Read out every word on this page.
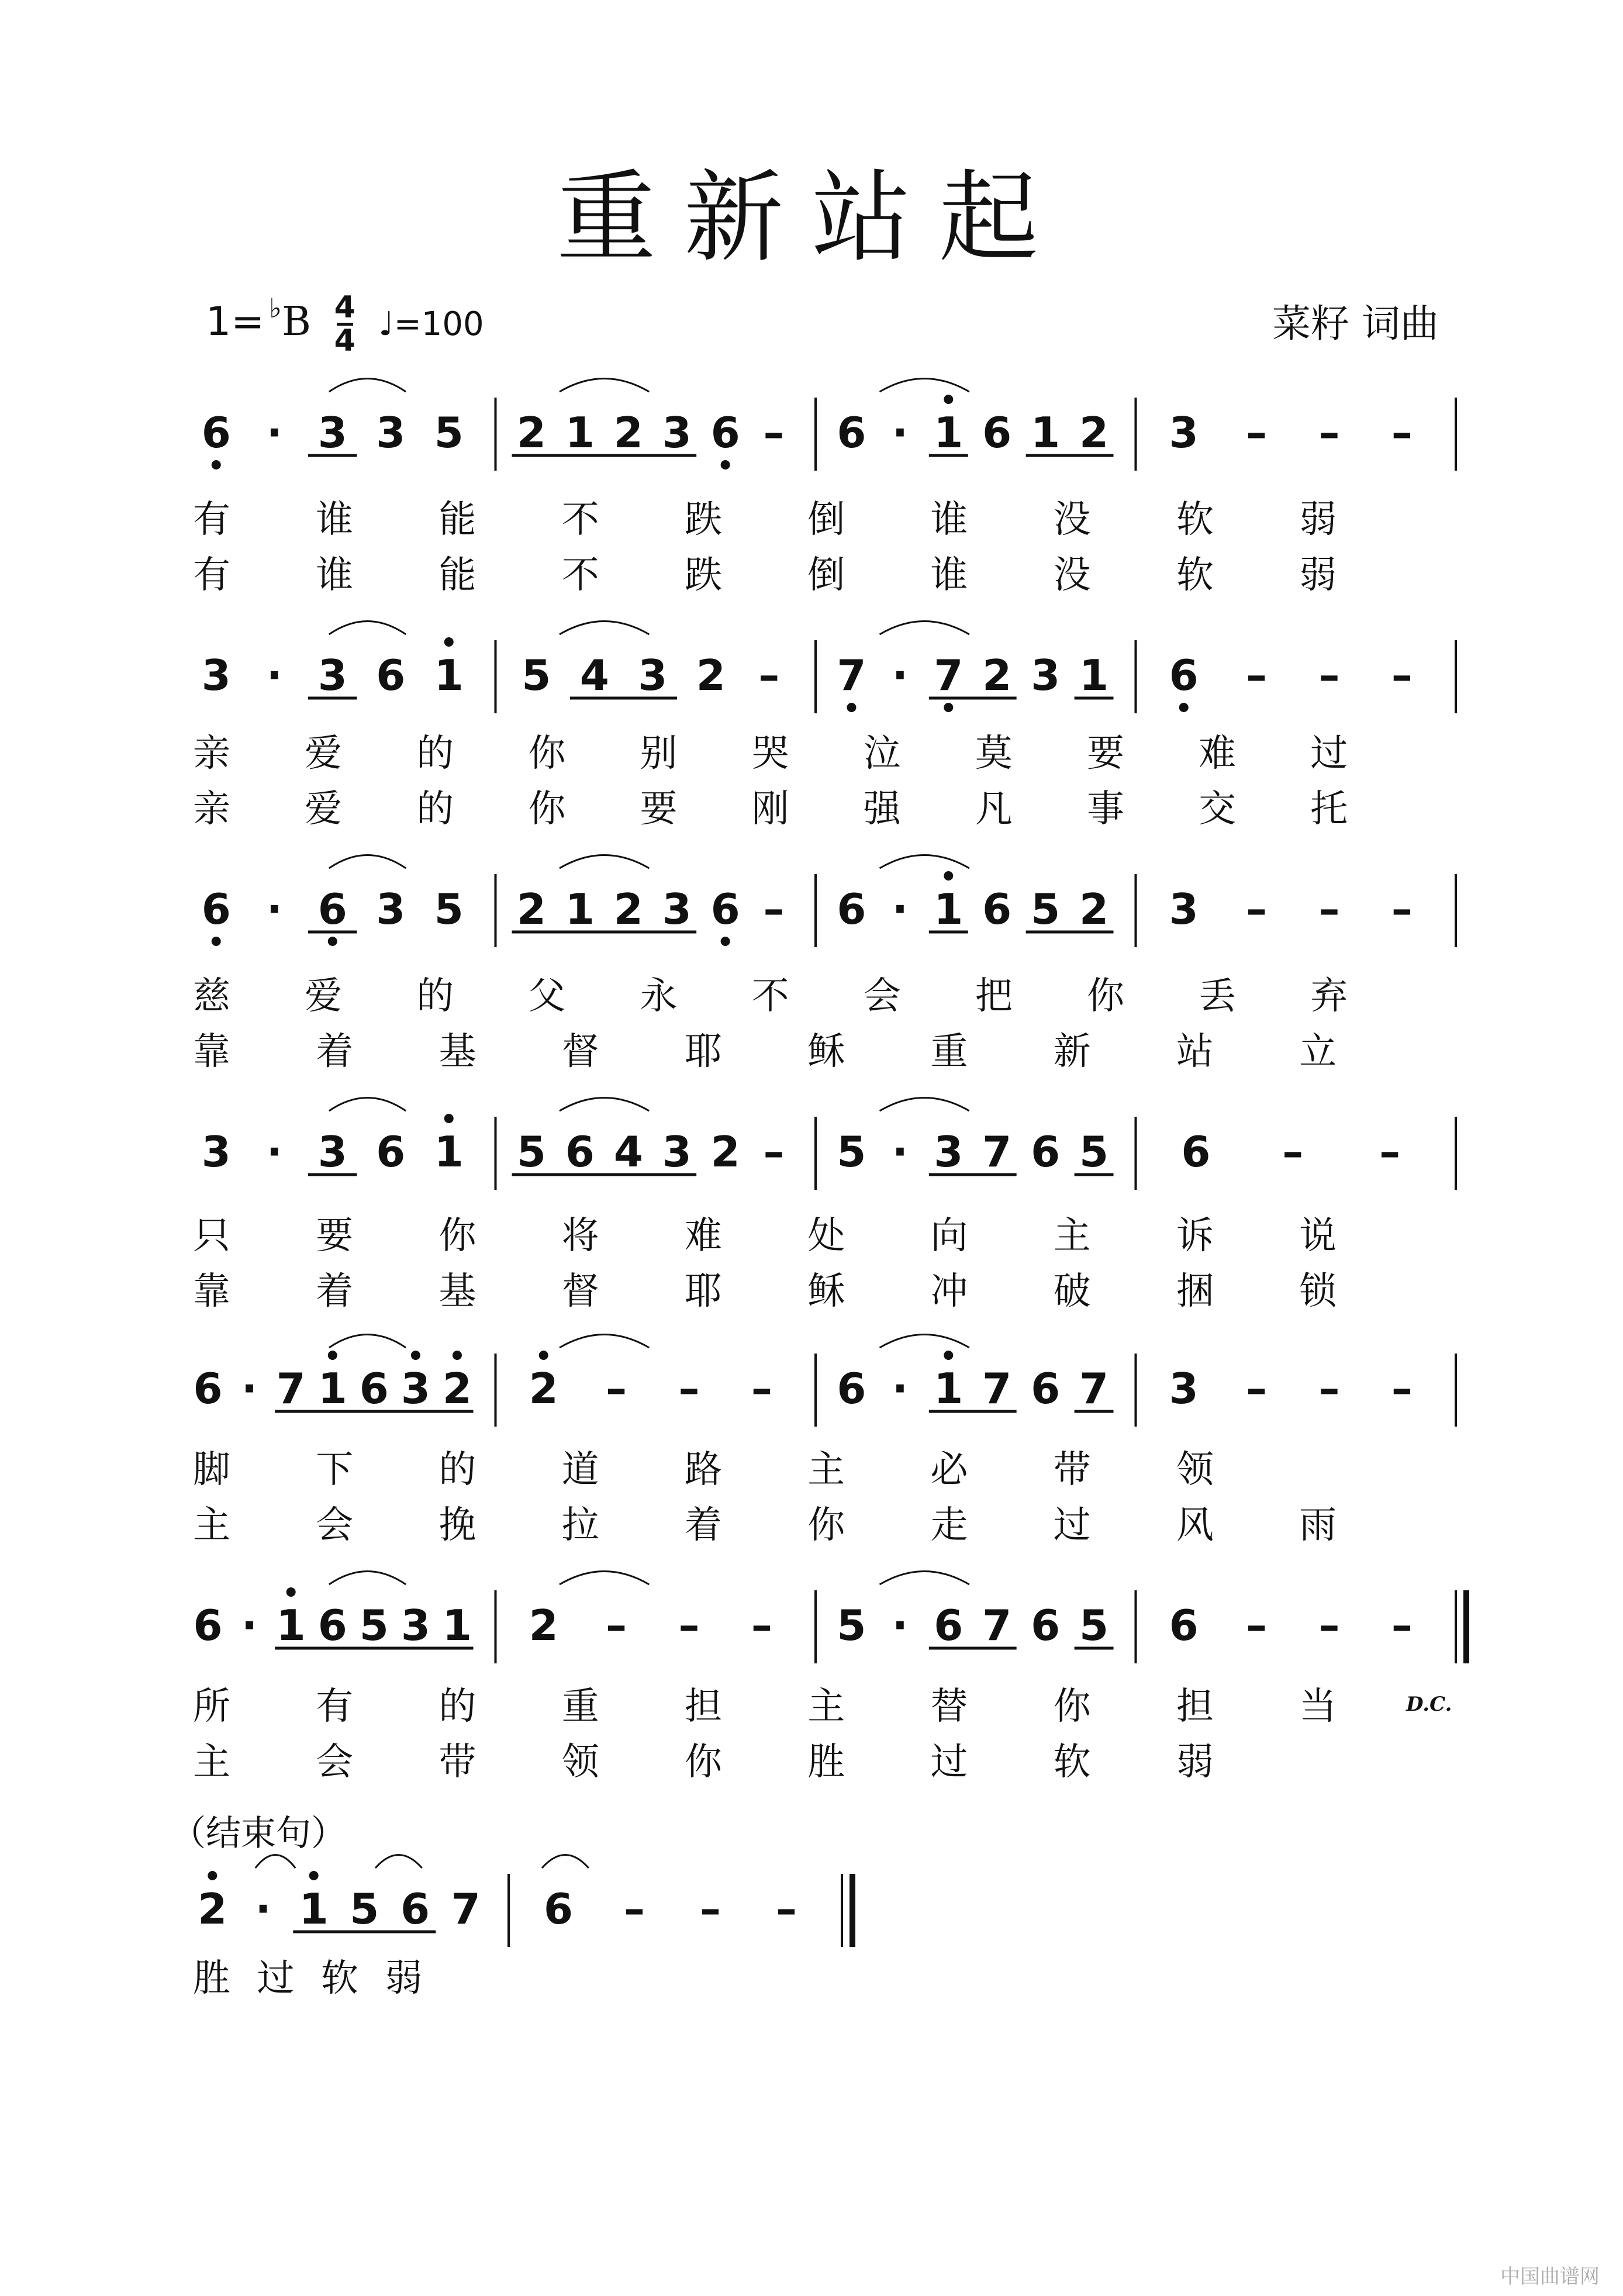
重新站起
1= ♭B 4
4 ♩=100	菜籽 词曲
（结束句）
D.C.
中国曲谱网
6 · 3 3 5 2 1 2 3 6 – 6 · 1 6 1 2 3 – – –
有 谁 能 不 跌 倒 谁 没 软 弱
有 谁 能 不 跌 倒 谁 没 软 弱
3 · 3 6 1 5 4 3 2 – 7 · 7 2 3 1 6 – – –
亲 爱 的 你 别 哭 泣 莫 要 难 过
亲 爱 的 你 要 刚 强 凡 事 交 托
6 · 6 3 5 2 1 2 3 6 – 6 · 1 6 5 2 3 – – –
慈 爱 的 父 永 不 会 把 你 丢 弃
靠 着 基 督 耶 稣 重 新 站 立
3 · 3 6 1 5 6 4 3 2 – 5 · 3 7 6 5 6 – –
只 要 你 将 难 处 向 主 诉 说
靠 着 基 督 耶 稣 冲 破 捆 锁
6 · 7 1 6 3 2 2 – – – 6 · 1 7 6 7 3 – – –
脚 下 的 道 路 主 必 带 领
主 会 挽 拉 着 你 走 过 风 雨
6 · 1 6 5 3 1 2 – – – 5 · 6 7 6 5 6 – – –
所 有 的 重 担 主 替 你 担 当
主 会 带 领 你 胜 过 软 弱
2 · 1 5 6 7 6 – – –
胜 过 软 弱
